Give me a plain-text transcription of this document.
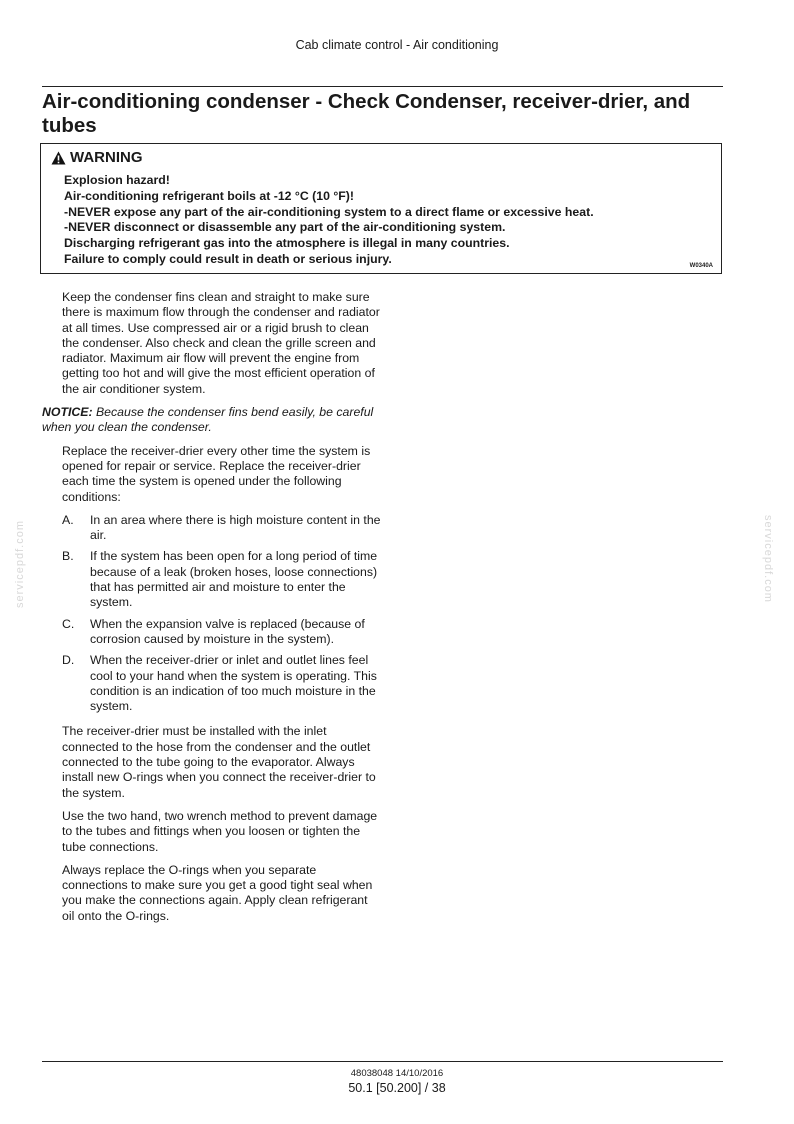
Cab climate control - Air conditioning
Air-conditioning condenser - Check Condenser, receiver-drier, and tubes
WARNING
Explosion hazard!
Air-conditioning refrigerant boils at -12 °C (10 °F)!
-NEVER expose any part of the air-conditioning system to a direct flame or excessive heat.
-NEVER disconnect or disassemble any part of the air-conditioning system.
Discharging refrigerant gas into the atmosphere is illegal in many countries.
Failure to comply could result in death or serious injury.
W0340A

Keep the condenser fins clean and straight to make sure there is maximum flow through the condenser and radiator at all times. Use compressed air or a rigid brush to clean the condenser. Also check and clean the grille screen and radiator. Maximum air flow will prevent the engine from getting too hot and will give the most efficient operation of the air conditioner system.

NOTICE: Because the condenser fins bend easily, be careful when you clean the condenser.

Replace the receiver-drier every other time the system is opened for repair or service. Replace the receiver-drier each time the system is opened under the following conditions:

A.	In an area where there is high moisture content in the air.
B.	If the system has been open for a long period of time because of a leak (broken hoses, loose connections) that has permitted air and moisture to enter the system.
C.	When the expansion valve is replaced (because of corrosion caused by moisture in the system).
D.	When the receiver-drier or inlet and outlet lines feel cool to your hand when the system is operating. This condition is an indication of too much moisture in the system.

The receiver-drier must be installed with the inlet connected to the hose from the condenser and the outlet connected to the tube going to the evaporator. Always install new O-rings when you connect the receiver-drier to the system.

Use the two hand, two wrench method to prevent damage to the tubes and fittings when you loosen or tighten the tube connections.

Always replace the O-rings when you separate connections to make sure you get a good tight seal when you make the connections again. Apply clean refrigerant oil onto the O-rings.

servicepdf.com	servicepdf.com
48038048 14/10/2016
50.1 [50.200] / 38
